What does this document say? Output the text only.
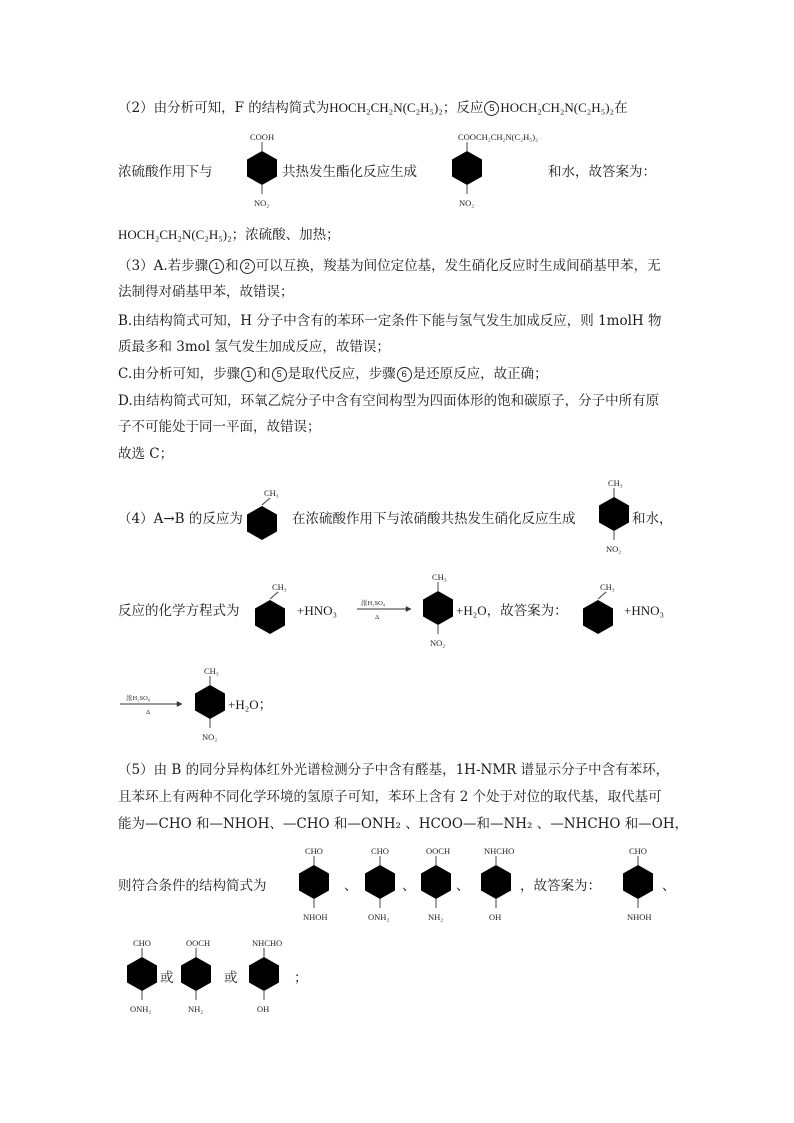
（2）由分析可知，F 的结构简式为HOCH₂CH₂N(C₂H₅)₂；反应 5 HOCH₂CH₂N(C₂H₅)₂在
COOH
NO₂
浓硫酸作用下与	共热发生酯化反应生成
COOCH₂CH₂N(C₂H₅)₂
NO₂
和水，故答案为：
HOCH₂CH₂N(C₂H₅)₂；浓硫酸、加热；
（3）A.若步骤 1 和 2 可以互换，羧基为间位定位基，发生硝化反应时生成间硝基甲苯，无
法制得对硝基甲苯，故错误；
B.由结构简式可知，H 分子中含有的苯环一定条件下能与氢气发生加成反应，则 1molH 物
质最多和 3mol 氢气发生加成反应，故错误；
C.由分析可知，步骤 1 和 5 是取代反应，步骤 6 是还原反应，故正确；
D.由结构简式可知，环氧乙烷分子中含有空间构型为四面体形的饱和碳原子，分子中所有原
子不可能处于同一平面，故错误；
故选 C；
（4）A→B 的反应为
CH₃
在浓硫酸作用下与浓硝酸共热发生硝化反应生成
CH₃
NO₂
和水，
反应的化学方程式为
CH₃
+HNO₃	浓H₂SO₄
Δ
CH₃
NO₂
+H₂O，故答案为：
CH₃
+HNO₃
浓H₂SO₄
Δ
CH₃
NO₂
+H₂O；
（5）由 B 的同分异构体红外光谱检测分子中含有醛基，1H-NMR 谱显示分子中含有苯环，
且苯环上有两种不同化学环境的氢原子可知，苯环上含有 2 个处于对位的取代基，取代基可
能为—CHO 和—NHOH、—CHO 和—ONH₂ 、HCOO—和—NH₂ 、—NHCHO 和—OH，
则符合条件的结构简式为
CHO
NHOH
、
CHO
ONH₂
、
OOCH
NH₂
、
NHCHO
OH
，故答案为：
CHO
NHOH
、
CHO
ONH₂
或
OOCH
NH₂
或
NHCHO
OH
；
